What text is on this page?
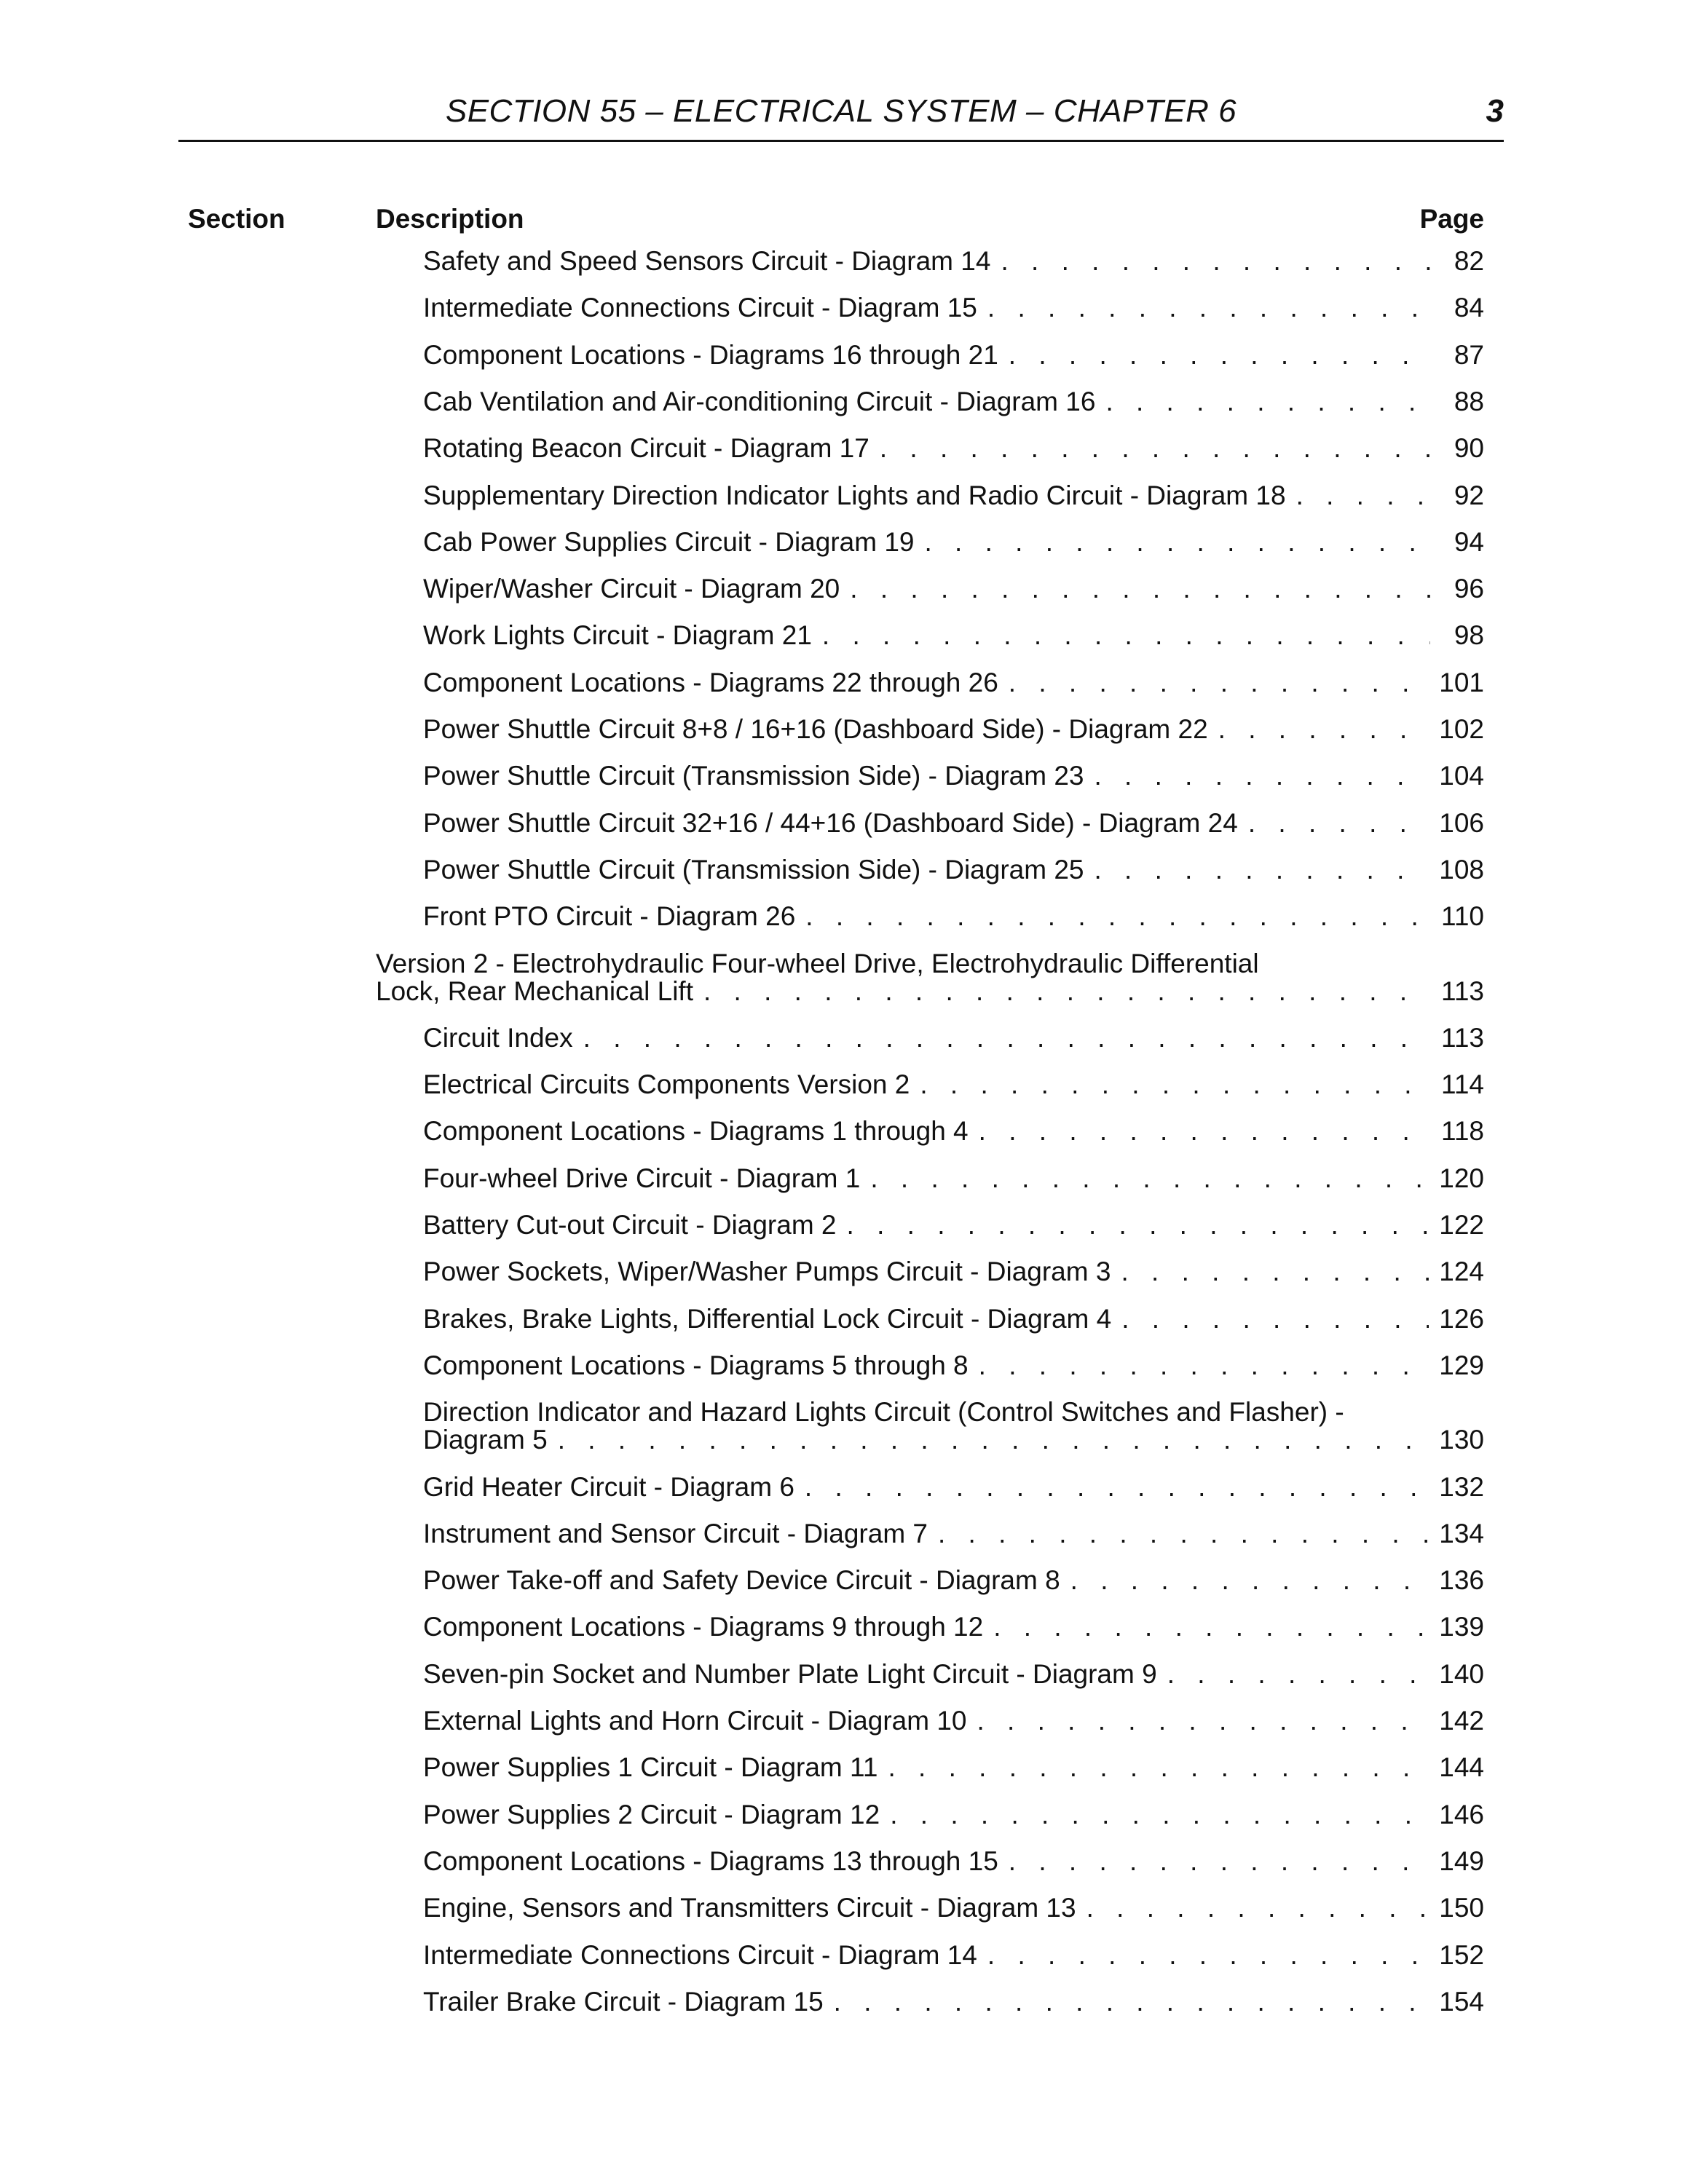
SECTION 55 – ELECTRICAL SYSTEM – CHAPTER 6	3
Section	Description	Page
Safety and Speed Sensors Circuit - Diagram 14 . . .	82
Intermediate Connections Circuit - Diagram 15 . . .	84
Component Locations - Diagrams 16 through 21 . . .	87
Cab Ventilation and Air-conditioning Circuit - Diagram 16 . . .	88
Rotating Beacon Circuit - Diagram 17 . . .	90
Supplementary Direction Indicator Lights and Radio Circuit - Diagram 18 . . .	92
Cab Power Supplies Circuit - Diagram 19 . . .	94
Wiper/Washer Circuit - Diagram 20 . . .	96
Work Lights Circuit - Diagram 21 . . .	98
Component Locations - Diagrams 22 through 26 . . .	101
Power Shuttle Circuit 8+8 / 16+16 (Dashboard Side) - Diagram 22 . . .	102
Power Shuttle Circuit (Transmission Side) - Diagram 23 . . .	104
Power Shuttle Circuit 32+16 / 44+16 (Dashboard Side) - Diagram 24 . . .	106
Power Shuttle Circuit (Transmission Side) - Diagram 25 . . .	108
Front PTO Circuit - Diagram 26 . . .	110
Version 2 - Electrohydraulic Four-wheel Drive, Electrohydraulic Differential
Lock, Rear Mechanical Lift . . .	113
Circuit Index . . .	113
Electrical Circuits Components Version 2 . . .	114
Component Locations - Diagrams 1 through 4 . . .	118
Four-wheel Drive Circuit - Diagram 1 . . .	120
Battery Cut-out Circuit - Diagram 2 . . .	122
Power Sockets, Wiper/Washer Pumps Circuit - Diagram 3 . . .	124
Brakes, Brake Lights, Differential Lock Circuit - Diagram 4 . . .	126
Component Locations - Diagrams 5 through 8 . . .	129
Direction Indicator and Hazard Lights Circuit (Control Switches and Flasher) -
Diagram 5 . . .	130
Grid Heater Circuit - Diagram 6 . . .	132
Instrument and Sensor Circuit - Diagram 7 . . .	134
Power Take-off and Safety Device Circuit - Diagram 8 . . .	136
Component Locations - Diagrams 9 through 12 . . .	139
Seven-pin Socket and Number Plate Light Circuit - Diagram 9 . . .	140
External Lights and Horn Circuit - Diagram 10 . . .	142
Power Supplies 1 Circuit - Diagram 11 . . .	144
Power Supplies 2 Circuit - Diagram 12 . . .	146
Component Locations - Diagrams 13 through 15 . . .	149
Engine, Sensors and Transmitters Circuit - Diagram 13 . . .	150
Intermediate Connections Circuit - Diagram 14 . . .	152
Trailer Brake Circuit - Diagram 15 . . .	154
